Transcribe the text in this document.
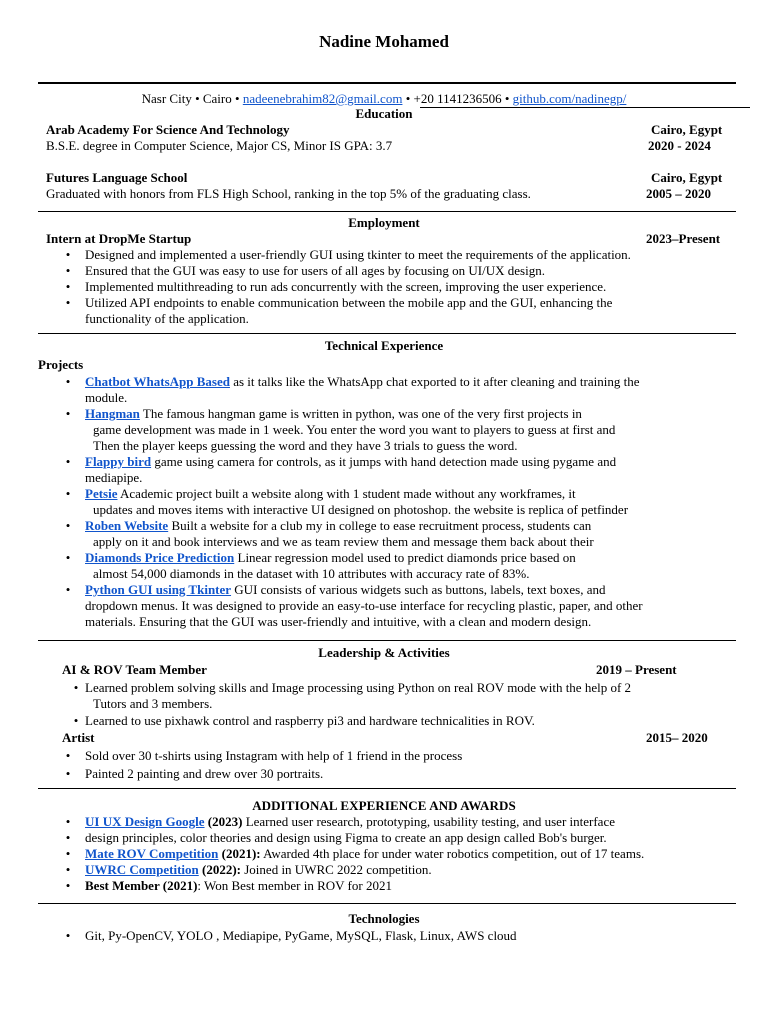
Nadine Mohamed
Nasr City • Cairo • nadeenebrahim82@gmail.com • +20 1141236506 • github.com/nadinegp/
Education
Arab Academy For Science And Technology	Cairo, Egypt
B.S.E. degree in Computer Science, Major CS, Minor IS GPA: 3.7	2020 - 2024
Futures Language School	Cairo, Egypt
Graduated with honors from FLS High School, ranking in the top 5% of the graduating class.	2005 – 2020
Employment
Intern at DropMe Startup	2023–Present
• Designed and implemented a user-friendly GUI using tkinter to meet the requirements of the application.
• Ensured that the GUI was easy to use for users of all ages by focusing on UI/UX design.
• Implemented multithreading to run ads concurrently with the screen, improving the user experience.
• Utilized API endpoints to enable communication between the mobile app and the GUI, enhancing the
functionality of the application.
Technical Experience
Projects
• Chatbot WhatsApp Based as it talks like the WhatsApp chat exported to it after cleaning and training the
module.
• Hangman The famous hangman game is written in python, was one of the very first projects in
game development was made in 1 week. You enter the word you want to players to guess at first and
Then the player keeps guessing the word and they have 3 trials to guess the word.
• Flappy bird game using camera for controls, as it jumps with hand detection made using pygame and
mediapipe.
• Petsie Academic project built a website along with 1 student made without any workframes, it
updates and moves items with interactive UI designed on photoshop. the website is replica of petfinder
• Roben Website Built a website for a club my in college to ease recruitment process, students can
apply on it and book interviews and we as team review them and message them back about their
• Diamonds Price Prediction Linear regression model used to predict diamonds price based on
almost 54,000 diamonds in the dataset with 10 attributes with accuracy rate of 83%.
• Python GUI using Tkinter GUI consists of various widgets such as buttons, labels, text boxes, and
dropdown menus. It was designed to provide an easy-to-use interface for recycling plastic, paper, and other
materials. Ensuring that the GUI was user-friendly and intuitive, with a clean and modern design.
Leadership & Activities
AI & ROV Team Member	2019 – Present
• Learned problem solving skills and Image processing using Python on real ROV mode with the help of 2
Tutors and 3 members.
• Learned to use pixhawk control and raspberry pi3 and hardware technicalities in ROV.
Artist	2015– 2020
• Sold over 30 t-shirts using Instagram with help of 1 friend in the process
• Painted 2 painting and drew over 30 portraits.
ADDITIONAL EXPERIENCE AND AWARDS
• UI UX Design Google (2023) Learned user research, prototyping, usability testing, and user interface
• design principles, color theories and design using Figma to create an app design called Bob's burger.
• Mate ROV Competition (2021): Awarded 4th place for under water robotics competition, out of 17 teams.
• UWRC Competition (2022): Joined in UWRC 2022 competition.
• Best Member (2021): Won Best member in ROV for 2021
Technologies
• Git, Py-OpenCV, YOLO , Mediapipe, PyGame, MySQL, Flask, Linux, AWS cloud
